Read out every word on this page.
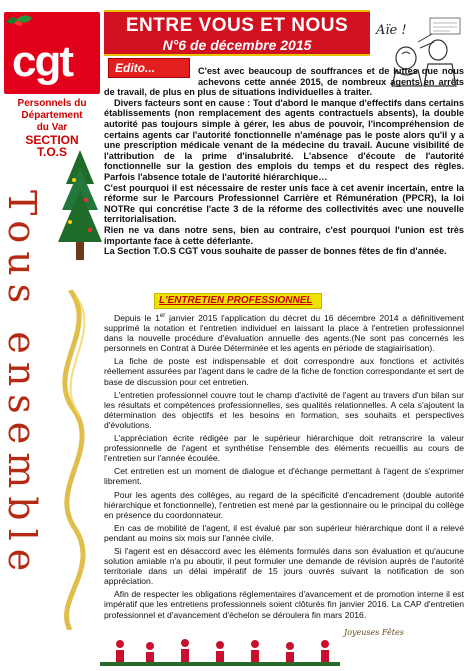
cgt
Personnels du
Département
du Var
SECTION
T.O.S
Tous ensemble
ENTRE VOUS ET NOUS
N°6 de décembre 2015
Aïe !
Edito...	C'est avec beaucoup de souffrances et de luttes que nous achevons cette année 2015, de nombreux agents en arrêts de travail, de plus en plus de situations individuelles à traiter.

Divers facteurs sont en cause : Tout d'abord le manque d'effectifs dans certains établissements (non remplacement des agents contractuels absents), la double autorité pas toujours simple à gérer, les abus de pouvoir, l'incompréhension de certains agents car l'autorité fonctionnelle n'aménage pas le poste alors qu'il y a une prescription médicale venant de la médecine du travail. Aucune visibilité de l'attribution de la prime d'insalubrité. L'absence d'écoute de l'autorité fonctionnelle sur la gestion des emplois du temps et du respect des règles. Parfois l'absence totale de l'autorité hiérarchique…

C'est pourquoi il est nécessaire de rester unis face à cet avenir incertain, entre la réforme sur le Parcours Professionnel Carrière et Rémunération (PPCR), la loi NOTRe qui concrétise l'acte 3 de la réforme des collectivités avec une nouvelle territorialisation.

Rien ne va dans notre sens, bien au contraire, c'est pourquoi l'union est très importante face à cette déferlante.

La Section T.O.S CGT vous souhaite de passer de bonnes fêtes de fin d'année.

L'ENTRETIEN PROFESSIONNEL

Depuis le 1er janvier 2015 l'application du décret du 16 décembre 2014 a définitivement supprimé la notation et l'entretien individuel en laissant la place à l'entretien professionnel dans la nouvelle procédure d'évaluation annuelle des agents.(Ne sont pas concernés les personnels en Contrat à Durée Déterminée et les agents en période de stagiairisation).

La fiche de poste est indispensable et doit correspondre aux fonctions et activités réellement assurées par l'agent dans le cadre de la fiche de fonction correspondante et sert de base de discussion pour cet entretien.

L'entretien professionnel couvre tout le champ d'activité de l'agent au travers d'un bilan sur les résultats et compétences professionnelles, ses qualités relationnelles. A cela s'ajoutent la détermination des objectifs et les besoins en formation, ses souhaits et perspectives d'évolutions.

L'appréciation écrite rédigée par le supérieur hiérarchique doit retranscrire la valeur professionnelle de l'agent et synthétise l'ensemble des éléments recueillis au cours de l'entretien sur l'année écoulée.

Cet entretien est un moment de dialogue et d'échange permettant à l'agent de s'exprimer librement.

Pour les agents des collèges, au regard de la spécificité d'encadrement (double autorité hiérarchique et fonctionnelle), l'entretien est mené par la gestionnaire ou le principal du collège en présence du coordonnateur.

En cas de mobilité de l'agent, il est évalué par son supérieur hiérarchique dont il a relevé pendant au moins six mois sur l'année civile.

Si l'agent est en désaccord avec les éléments formulés dans son évaluation et qu'aucune solution amiable n'a pu aboutir, il peut formuler une demande de révision auprès de l'autorité territoriale dans un délai impératif de 15 jours ouvrés suivant la notification de son appréciation.

Afin de respecter les obligations réglementaires d'avancement et de promotion interne il est impératif que les entretiens professionnels soient clôturés fin janvier 2016. La CAP d'entretien professionnel et d'avancement d'échelon se déroulera fin mars 2016.

Joyeuses Fêtes
